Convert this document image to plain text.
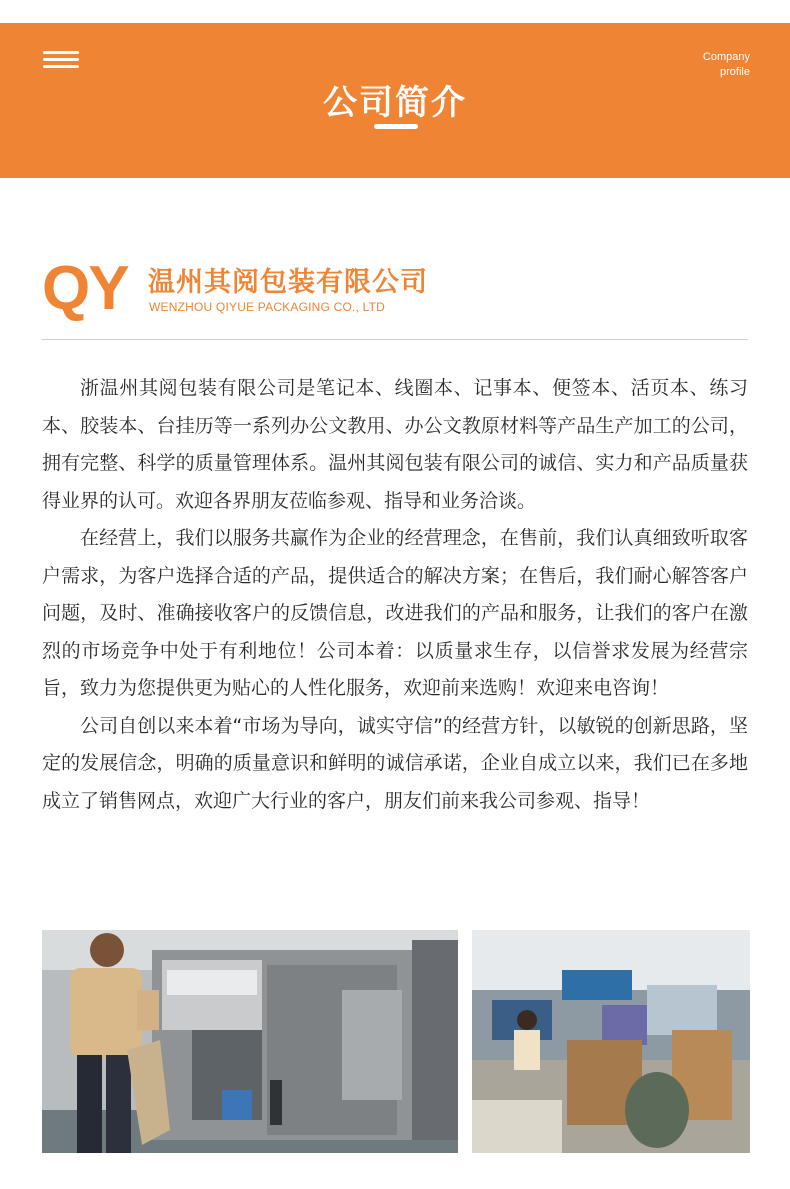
公司简介
Company
profile
QY 温州其阅包装有限公司
WENZHOU QIYUE PACKAGING CO., LTD

浙温州其阅包装有限公司是笔记本、线圈本、记事本、便签本、活页本、练习本、胶装本、台挂历等一系列办公文教用、办公文教原材料等产品生产加工的公司，拥有完整、科学的质量管理体系。温州其阅包装有限公司的诚信、实力和产品质量获得业界的认可。欢迎各界朋友莅临参观、指导和业务洽谈。

在经营上，我们以服务共赢作为企业的经营理念，在售前，我们认真细致听取客户需求，为客户选择合适的产品，提供适合的解决方案；在售后，我们耐心解答客户问题，及时、准确接收客户的反馈信息，改进我们的产品和服务，让我们的客户在激烈的市场竞争中处于有利地位！公司本着：以质量求生存，以信誉求发展为经营宗旨，致力为您提供更为贴心的人性化服务，欢迎前来选购！欢迎来电咨询！

公司自创以来本着“市场为导向，诚实守信”的经营方针，以敏锐的创新思路，坚定的发展信念，明确的质量意识和鲜明的诚信承诺，企业自成立以来，我们已在多地成立了销售网点，欢迎广大行业的客户，朋友们前来我公司参观、指导！
